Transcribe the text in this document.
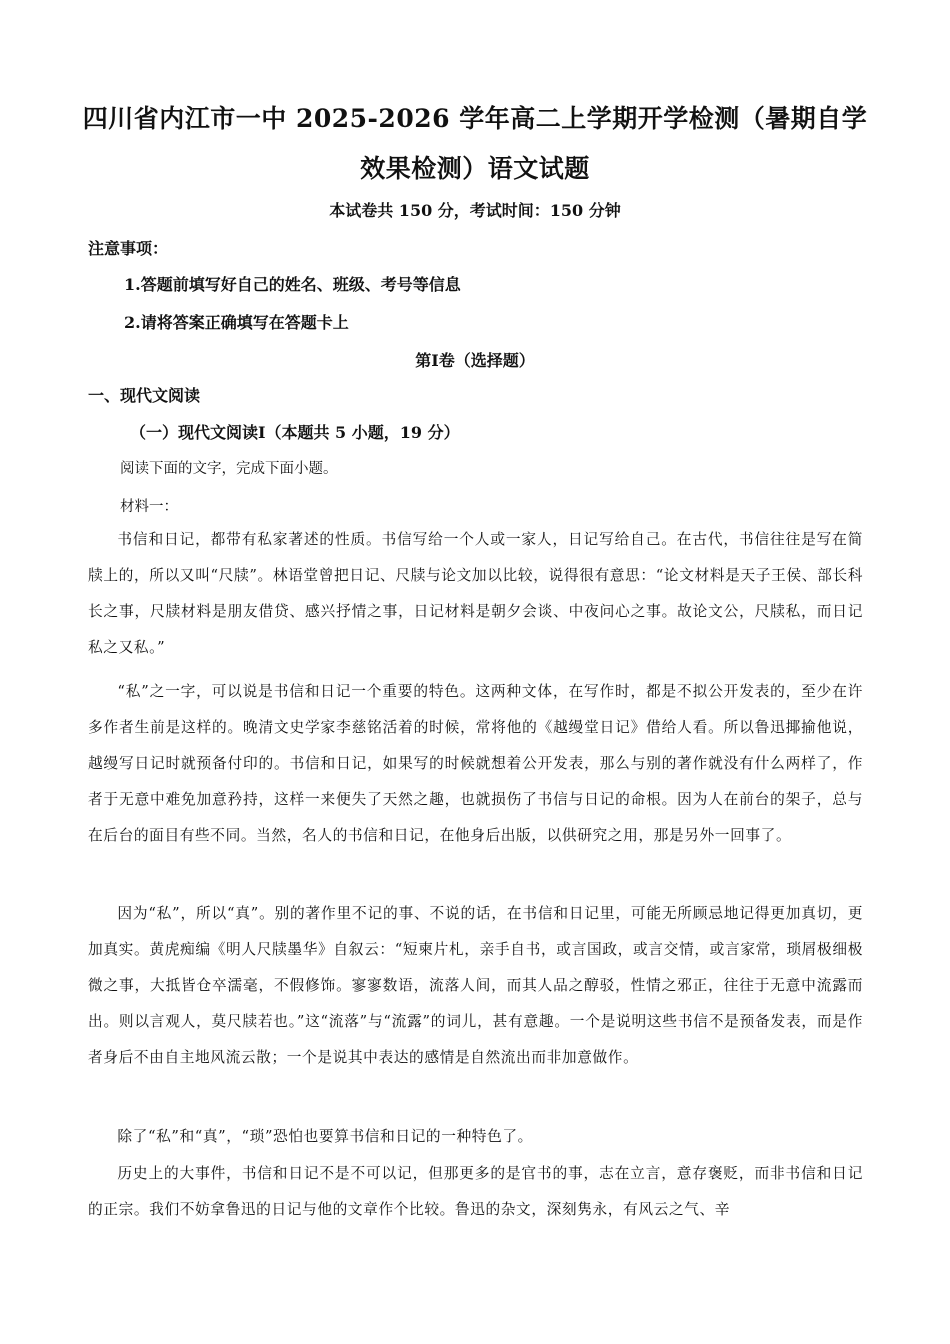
四川省内江市一中 2025-2026 学年高二上学期开学检测（暑期自学效果检测）语文试题
本试卷共 150 分，考试时间：150 分钟
注意事项：
1.答题前填写好自己的姓名、班级、考号等信息
2.请将答案正确填写在答题卡上
第Ⅰ卷（选择题）
一、现代文阅读
（一）现代文阅读Ⅰ（本题共 5 小题，19 分）
阅读下面的文字，完成下面小题。
材料一：

书信和日记，都带有私家著述的性质。书信写给一个人或一家人，日记写给自己。在古代，书信往往是写在简牍上的，所以又叫“尺牍”。林语堂曾把日记、尺牍与论文加以比较，说得很有意思：“论文材料是天子王侯、部长科长之事，尺牍材料是朋友借贷、感兴抒情之事，日记材料是朝夕会谈、中夜问心之事。故论文公，尺牍私，而日记私之又私。”

“私”之一字，可以说是书信和日记一个重要的特色。这两种文体，在写作时，都是不拟公开发表的，至少在许多作者生前是这样的。晚清文史学家李慈铭活着的时候，常将他的《越缦堂日记》借给人看。所以鲁迅揶揄他说，越缦写日记时就预备付印的。书信和日记，如果写的时候就想着公开发表，那么与别的著作就没有什么两样了，作者于无意中难免加意矜持，这样一来便失了天然之趣，也就损伤了书信与日记的命根。因为人在前台的架子，总与在后台的面目有些不同。当然，名人的书信和日记，在他身后出版，以供研究之用，那是另外一回事了。

因为“私”，所以“真”。别的著作里不记的事、不说的话，在书信和日记里，可能无所顾忌地记得更加真切，更加真实。黄虎痴编《明人尺牍墨华》自叙云：“短柬片札，亲手自书，或言国政，或言交情，或言家常，琐屑极细极微之事，大抵皆仓卒濡毫，不假修饰。寥寥数语，流落人间，而其人品之醇驳，性情之邪正，往往于无意中流露而出。则以言观人，莫尺牍若也。”这“流落”与“流露”的词儿，甚有意趣。一个是说明这些书信不是预备发表，而是作者身后不由自主地风流云散；一个是说其中表达的感情是自然流出而非加意做作。

除了“私”和“真”，“琐”恐怕也要算书信和日记的一种特色了。

历史上的大事件，书信和日记不是不可以记，但那更多的是官书的事，志在立言，意存褒贬，而非书信和日记的正宗。我们不妨拿鲁迅的日记与他的文章作个比较。鲁迅的杂文，深刻隽永，有风云之气、辛
